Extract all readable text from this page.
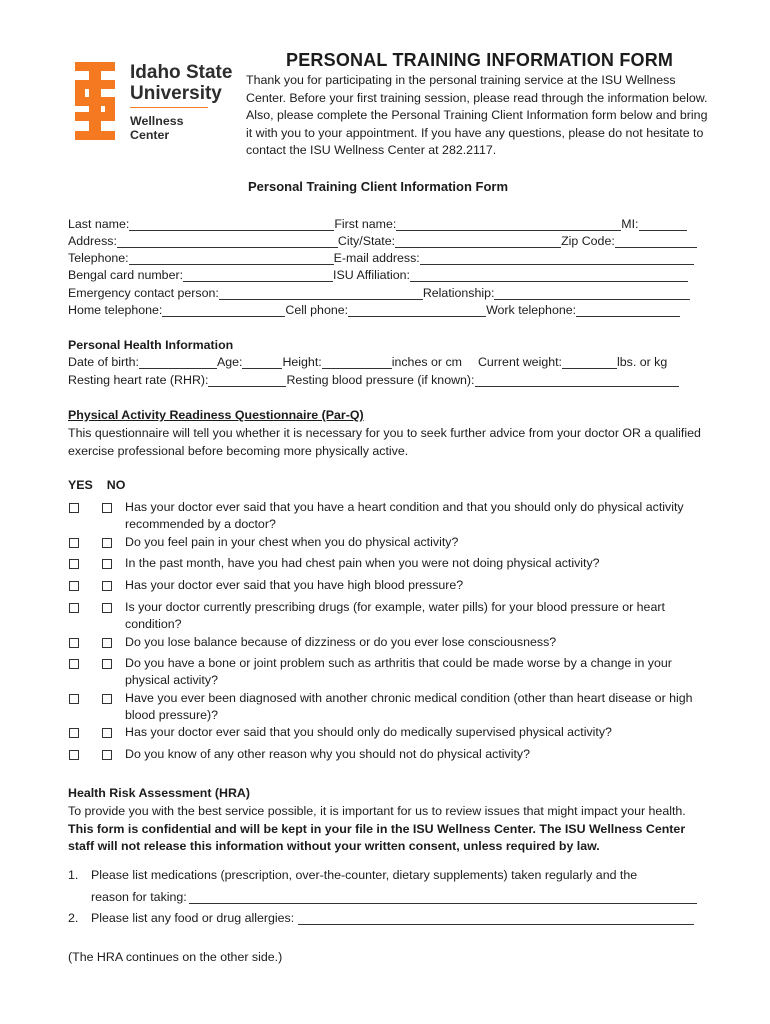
Idaho State
University
Wellness
Center
PERSONAL TRAINING INFORMATION FORM
Thank you for participating in the personal training service at the ISU Wellness Center. Before your first training session, please read through the information below. Also, please complete the Personal Training Client Information form below and bring it with you to your appointment. If you have any questions, please do not hesitate to contact the ISU Wellness Center at 282.2117.
Personal Training Client Information Form
Last name:	First name:	MI:
Address:	City/State:	Zip Code:
Telephone:	E-mail address:
Bengal card number:	ISU Affiliation:
Emergency contact person:	Relationship:
Home telephone:	Cell phone:	Work telephone:
Personal Health Information
Date of birth:	Age:	Height:	inches or cm Current weight:	lbs. or kg
Resting heart rate (RHR):	Resting blood pressure (if known):
Physical Activity Readiness Questionnaire (Par-Q)
This questionnaire will tell you whether it is necessary for you to seek further advice from your doctor OR a qualified exercise professional before becoming more physically active.
YES NO
Has your doctor ever said that you have a heart condition and that you should only do physical activity recommended by a doctor?
Do you feel pain in your chest when you do physical activity?
In the past month, have you had chest pain when you were not doing physical activity?
Has your doctor ever said that you have high blood pressure?
Is your doctor currently prescribing drugs (for example, water pills) for your blood pressure or heart condition?
Do you lose balance because of dizziness or do you ever lose consciousness?
Do you have a bone or joint problem such as arthritis that could be made worse by a change in your physical activity?
Have you ever been diagnosed with another chronic medical condition (other than heart disease or high blood pressure)?
Has your doctor ever said that you should only do medically supervised physical activity?
Do you know of any other reason why you should not do physical activity?
Health Risk Assessment (HRA)
To provide you with the best service possible, it is important for us to review issues that might impact your health. This form is confidential and will be kept in your file in the ISU Wellness Center. The ISU Wellness Center staff will not release this information without your written consent, unless required by law.
1. Please list medications (prescription, over-the-counter, dietary supplements) taken regularly and the
reason for taking:
2. Please list any food or drug allergies:
(The HRA continues on the other side.)
